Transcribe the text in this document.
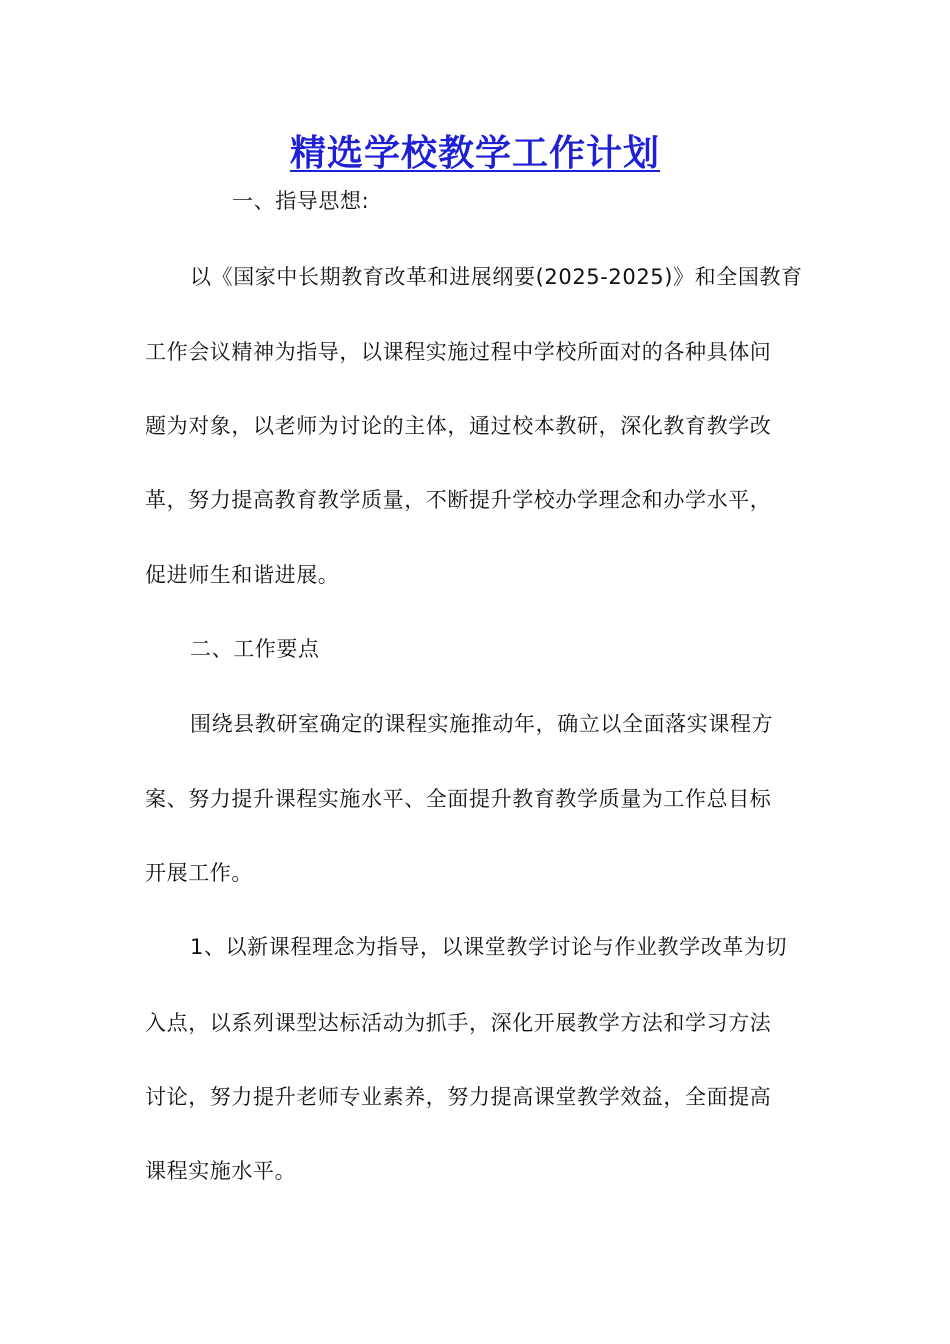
精选学校教学工作计划
一、指导思想:
以《国家中长期教育改革和进展纲要(2025-2025)》和全国教育
工作会议精神为指导，以课程实施过程中学校所面对的各种具体问
题为对象，以老师为讨论的主体，通过校本教研，深化教育教学改
革，努力提高教育教学质量，不断提升学校办学理念和办学水平，
促进师生和谐进展。
二、工作要点
围绕县教研室确定的课程实施推动年，确立以全面落实课程方
案、努力提升课程实施水平、全面提升教育教学质量为工作总目标
开展工作。
1、以新课程理念为指导，以课堂教学讨论与作业教学改革为切
入点，以系列课型达标活动为抓手，深化开展教学方法和学习方法
讨论，努力提升老师专业素养，努力提高课堂教学效益，全面提高
课程实施水平。
